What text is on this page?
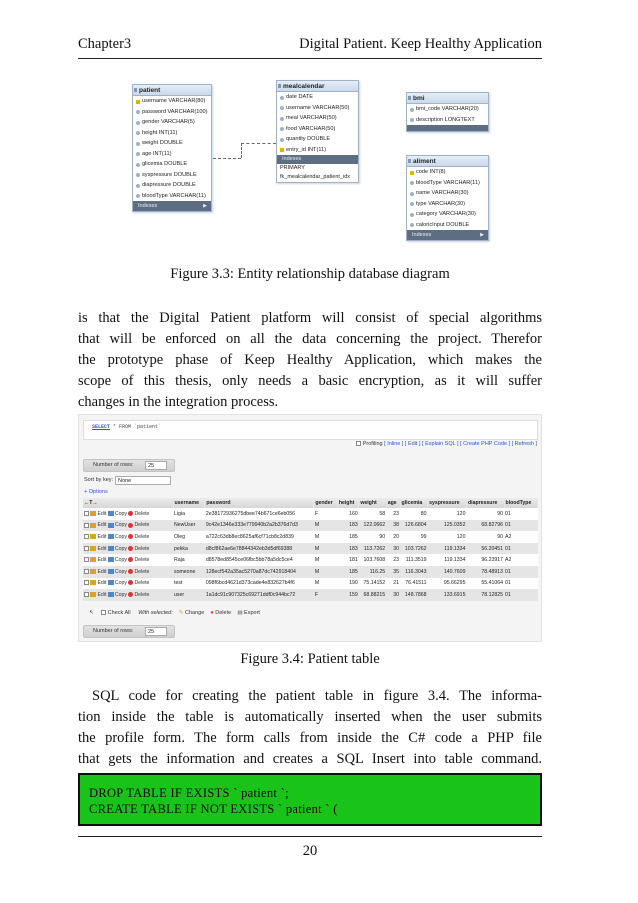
Chapter3	Digital Patient. Keep Healthy Application
patient
username VARCHAR(80)
password VARCHAR(100)
gender VARCHAR(5)
height INT(11)
weight DOUBLE
age INT(11)
glicemia DOUBLE
syspressure DOUBLE
diapressure DOUBLE
bloodType VARCHAR(11)
Indexes ▶
mealcalendar
date DATE
username VARCHAR(50)
meal VARCHAR(50)
food VARCHAR(50)
quantity DOUBLE
entry_id INT(11)
Indexes
PRIMARY
fk_mealcalendar_patient_idx
bmi
bmi_code VARCHAR(20)
description LONGTEXT
aliment
code INT(8)
bloodType VARCHAR(11)
name VARCHAR(30)
type VARCHAR(30)
category VARCHAR(30)
caloricInput DOUBLE
Indexes ▶
Figure 3.3: Entity relationship database diagram
is that the Digital Patient platform will consist of special algorithms
that will be enforced on all the data concerning the project. Therefor
the prototype phase of Keep Healthy Application, which makes the
scope of this thesis, only needs a basic encryption, as it will suffer
changes in the integration process.
SELECT * FROM `patient`
Profiling [ Inline ] [ Edit ] [ Explain SQL ] [ Create PHP Code ] [ Refresh ]
Number of rows:	25
Sort by key: None
+ Options
←T→	username	password	gender	height	weight	age	glicemia	syspressure	diapressure	bloodType
Edit Copy Delete	Ligia	2e38172936275dbee74b671ce6eb056	F	160	58	23	80	120	90	01
Edit Copy Delete	NewUser	9c42e1346e333e779940b2a2b376d7d3	M	183	122.0662	38	126.6804	125.0352	68.82796	01
Edit Copy Delete	Oleg	a722c63db8ec8625af6cf71cb8c2d839	M	185	90	20	99	120	90	A2
Edit Copy Delete	pekka	d8cf862ae6e78844342eb3d5df69388	M	183	113.7262	30	103.7262	119.1334	56.20451	01
Edit Copy Delete	Raja	d8578ed8545ce06fbc5bb78a5dc5ce4	M	181	103.7608	23	111.3519	119.1334	96.23917	A2
Edit Copy Delete	someone	128ecf542a35ac5270a87dc742918404	M	185	116.25	35	116.3043	140.7609	78.48913	01
Edit Copy Delete	test	098f6bcd4621d373cade4e832627b4f6	M	190	75.14152	21	76.41511	95.66295	55.41064	01
Edit Copy Delete	user	1a1dc91c907325c69271ddf0c944bc72	F	159	68.88215	30	148.7868	133.6915	78.12825	01
↖	Check All With selected: ✎ Change ● Delete ▤ Export
Number of rows:	25
Figure 3.4: Patient table
SQL code for creating the patient table in figure 3.4. The informa-
tion inside the table is automatically inserted when the user submits
the profile form. The form calls from inside the C# code a PHP file
that gets the information and creates a SQL Insert into table command.
DROP TABLE IF EXISTS ` patient `;
CREATE TABLE IF NOT EXISTS ` patient ` (
20
